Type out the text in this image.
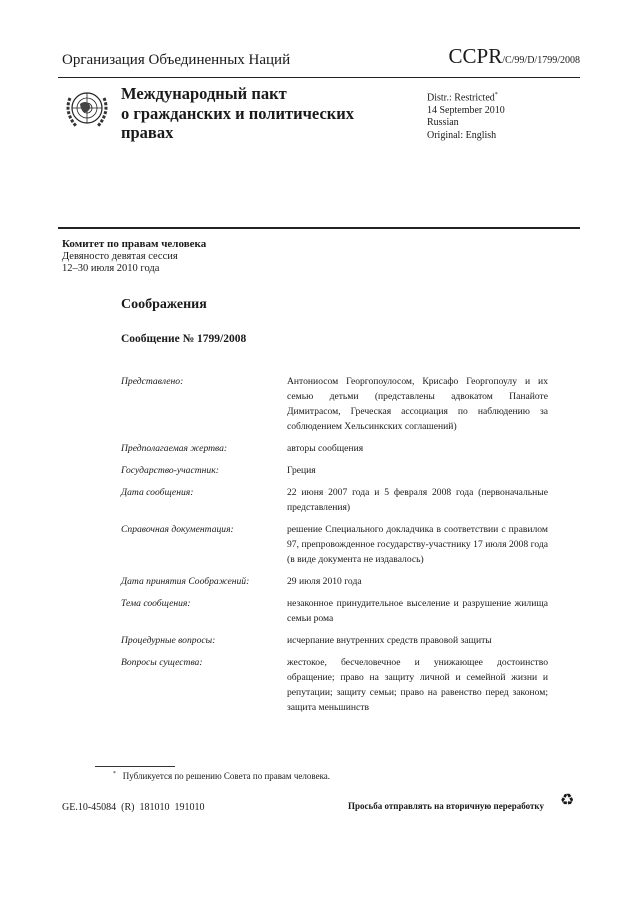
Организация Объединенных Наций	CCPR/C/99/D/1799/2008
Международный пакт
о гражданских и политических
правах
Distr.: Restricted*
14 September 2010
Russian
Original: English
Комитет по правам человека
Девяносто девятая сессия
12–30 июля 2010 года
Соображения
Сообщение № 1799/2008
Представлено:	Антониосом Георгопоулосом, Крисафо Георгопоулу и их семью детьми (представлены адвокатом Панайоте Димитрасом, Греческая ассоциация по наблюдению за соблюдением Хельсинкских соглашений)
Предполагаемая жертва:	авторы сообщения
Государство-участник:	Греция
Дата сообщения:	22 июня 2007 года и 5 февраля 2008 года (первоначальные представления)
Справочная документация:	решение Специального докладчика в соответствии с правилом 97, препровожденное государству-участнику 17 июля 2008 года (в виде документа не издавалось)
Дата принятия Соображений:	29 июля 2010 года
Тема сообщения:	незаконное принудительное выселение и разрушение жилища семьи рома
Процедурные вопросы:	исчерпание внутренних средств правовой защиты
Вопросы существа:	жестокое, бесчеловечное и унижающее достоинство обращение; право на защиту личной и семейной жизни и репутации; защиту семьи; право на равенство перед законом; защита меньшинств
* Публикуется по решению Совета по правам человека.
GE.10-45084  (R)  181010  191010	Просьба отправлять на вторичную переработку ♻
